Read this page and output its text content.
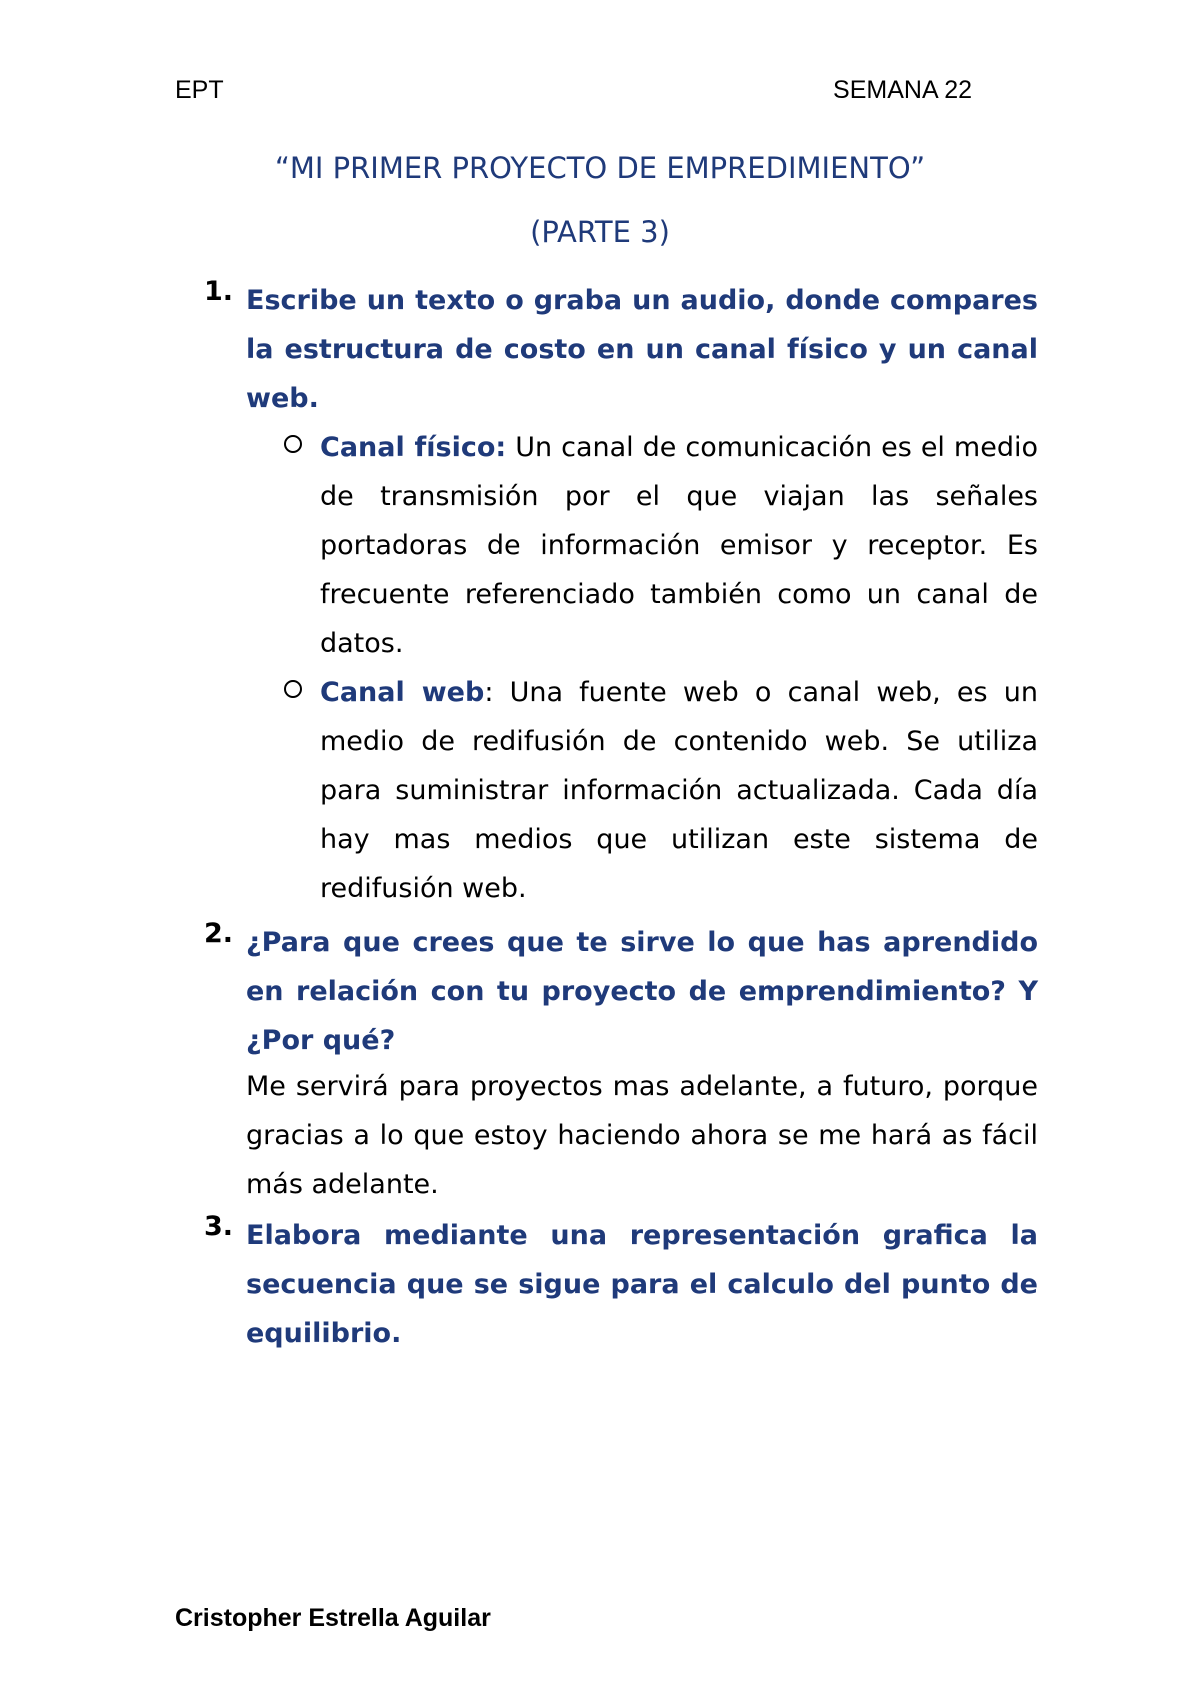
EPT	SEMANA 22
“MI PRIMER PROYECTO DE EMPREDIMIENTO”
(PARTE 3)
1. Escribe un texto o graba un audio, donde compares la estructura de costo en un canal físico y un canal web.
Canal físico: Un canal de comunicación es el medio de transmisión por el que viajan las señales portadoras de información emisor y receptor. Es frecuente referenciado también como un canal de datos.
Canal web: Una fuente web o canal web, es un medio de redifusión de contenido web. Se utiliza para suministrar información actualizada. Cada día hay mas medios que utilizan este sistema de redifusión web.
2. ¿Para que crees que te sirve lo que has aprendido en relación con tu proyecto de emprendimiento? Y ¿Por qué?
Me servirá para proyectos mas adelante, a futuro, porque gracias a lo que estoy haciendo ahora se me hará as fácil más adelante.
3. Elabora mediante una representación grafica la secuencia que se sigue para el calculo del punto de equilibrio.
Cristopher Estrella Aguilar
